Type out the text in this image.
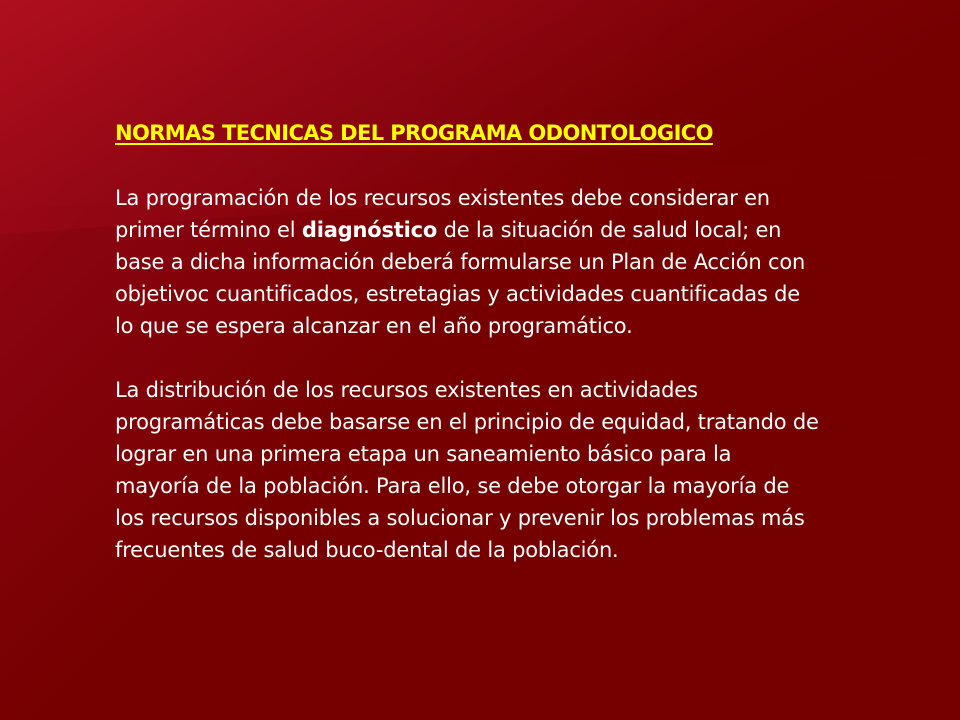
NORMAS TECNICAS DEL PROGRAMA ODONTOLOGICO
La programación de los recursos existentes debe considerar en
primer término el diagnóstico de la situación de salud local; en
base a dicha información deberá formularse un Plan de Acción con
objetivoc cuantificados, estretagias y actividades cuantificadas de
lo que se espera alcanzar en el año programático.
La distribución de los recursos existentes en actividades
programáticas debe basarse en el principio de equidad, tratando de
lograr en una primera etapa un saneamiento básico para la
mayoría de la población. Para ello, se debe otorgar la mayoría de
los recursos disponibles a solucionar y prevenir los problemas más
frecuentes de salud buco-dental de la población.
